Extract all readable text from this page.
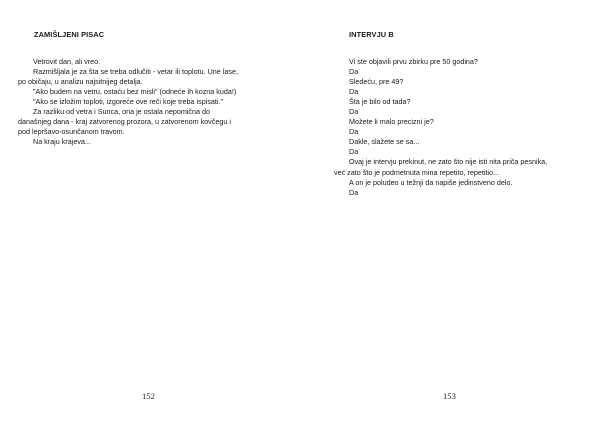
ZAMIŠLJENI PISAC
Vetrovit dan, ali vreo.
Razmišljala je za šta se treba odlučiti - vetar ili toplotu. Une lase,
po običaju, u analizu najsitnijeg detalja.
"Ako budem na vetru, ostaću bez misli" (odneće ih kozna kuda!)
"Ako se izložim toploti, izgoreće ove reči koje treba ispisati."
Za razliku od vetra i Sunca, ona je ostala nepomična do
današnjeg dana - kraj zatvorenog prozora, u zatvorenom kovčegu i
pod lepršavo-osunčanom travom.
Na kraju krajeva...
152
INTERVJU B
Vi ste objavili prvu zbirku pre 50 godina?
Da
Sledeću, pre 49?
Da
Šta je bilo od tada?
Da
Možete li malo precizni je?
Da
Dakle, slažete se sa...
Da
Ovaj je intervju prekinut, ne zato što nije isti nita priča pesnika,
već zato što je podmetnuta mina repetito, repetitio...
A on je poludeo u težnji da napiše jedinstveno delo.
Da
153
